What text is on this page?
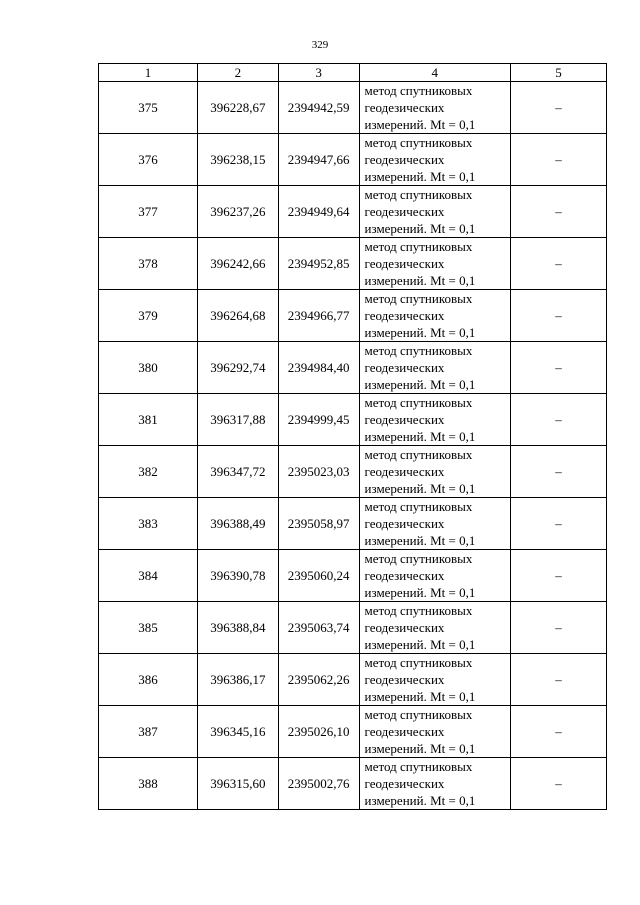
329
1	2	3	4	5
375	396228,67	2394942,59	метод спутниковых
геодезических
измерений. Mt = 0,1	–
376	396238,15	2394947,66	метод спутниковых
геодезических
измерений. Mt = 0,1	–
377	396237,26	2394949,64	метод спутниковых
геодезических
измерений. Mt = 0,1	–
378	396242,66	2394952,85	метод спутниковых
геодезических
измерений. Mt = 0,1	–
379	396264,68	2394966,77	метод спутниковых
геодезических
измерений. Mt = 0,1	–
380	396292,74	2394984,40	метод спутниковых
геодезических
измерений. Mt = 0,1	–
381	396317,88	2394999,45	метод спутниковых
геодезических
измерений. Mt = 0,1	–
382	396347,72	2395023,03	метод спутниковых
геодезических
измерений. Mt = 0,1	–
383	396388,49	2395058,97	метод спутниковых
геодезических
измерений. Mt = 0,1	–
384	396390,78	2395060,24	метод спутниковых
геодезических
измерений. Mt = 0,1	–
385	396388,84	2395063,74	метод спутниковых
геодезических
измерений. Mt = 0,1	–
386	396386,17	2395062,26	метод спутниковых
геодезических
измерений. Mt = 0,1	–
387	396345,16	2395026,10	метод спутниковых
геодезических
измерений. Mt = 0,1	–
388	396315,60	2395002,76	метод спутниковых
геодезических
измерений. Mt = 0,1	–
